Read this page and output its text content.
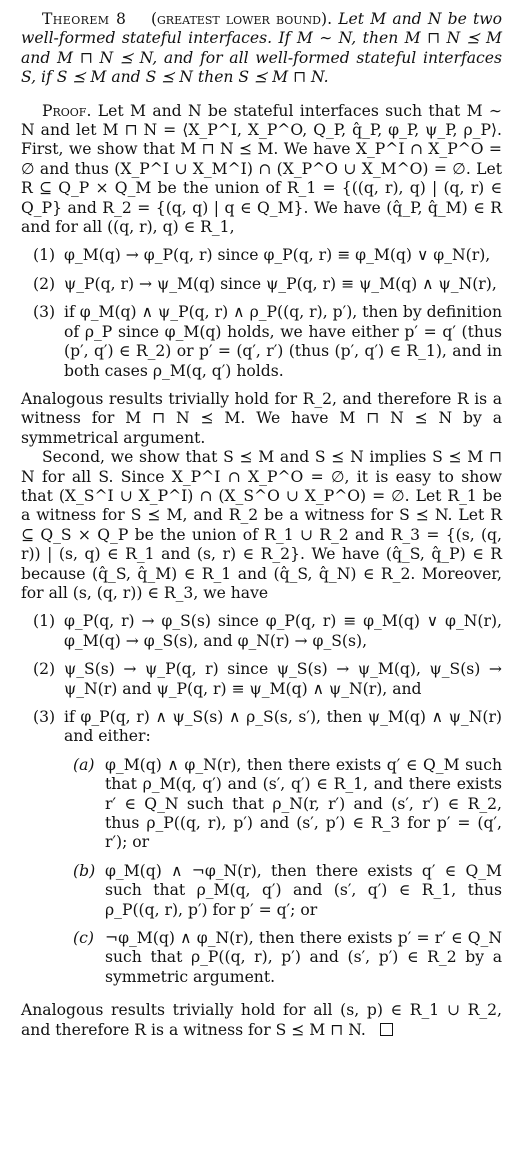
Theorem 8 (greatest lower bound). Let M and N be two well-formed stateful interfaces. If M ∼ N, then M ⊓ N ⪯ M and M ⊓ N ⪯ N, and for all well-formed stateful interfaces S, if S ⪯ M and S ⪯ N then S ⪯ M ⊓ N.

Proof. Let M and N be stateful interfaces such that M ∼ N and let M ⊓ N = ⟨X_P^I, X_P^O, Q_P, q̂_P, φ_P, ψ_P, ρ_P⟩. First, we show that M ⊓ N ⪯ M. We have X_P^I ∩ X_P^O = ∅ and thus (X_P^I ∪ X_M^I) ∩ (X_P^O ∪ X_M^O) = ∅. Let R ⊆ Q_P × Q_M be the union of R_1 = {((q, r), q) | (q, r) ∈ Q_P} and R_2 = {(q, q) | q ∈ Q_M}. We have (q̂_P, q̂_M) ∈ R and for all ((q, r), q) ∈ R_1,

(1) φ_M(q) → φ_P(q, r) since φ_P(q, r) ≡ φ_M(q) ∨ φ_N(r),

(2) ψ_P(q, r) → ψ_M(q) since ψ_P(q, r) ≡ ψ_M(q) ∧ ψ_N(r),

(3) if φ_M(q) ∧ ψ_P(q, r) ∧ ρ_P((q, r), p′), then by definition of ρ_P since φ_M(q) holds, we have either p′ = q′ (thus (p′, q′) ∈ R_2) or p′ = (q′, r′) (thus (p′, q′) ∈ R_1), and in both cases ρ_M(q, q′) holds.

Analogous results trivially hold for R_2, and therefore R is a witness for M ⊓ N ⪯ M. We have M ⊓ N ⪯ N by a symmetrical argument.

Second, we show that S ⪯ M and S ⪯ N implies S ⪯ M ⊓ N for all S. Since X_P^I ∩ X_P^O = ∅, it is easy to show that (X_S^I ∪ X_P^I) ∩ (X_S^O ∪ X_P^O) = ∅. Let R_1 be a witness for S ⪯ M, and R_2 be a witness for S ⪯ N. Let R ⊆ Q_S × Q_P be the union of R_1 ∪ R_2 and R_3 = {(s, (q, r)) | (s, q) ∈ R_1 and (s, r) ∈ R_2}. We have (q̂_S, q̂_P) ∈ R because (q̂_S, q̂_M) ∈ R_1 and (q̂_S, q̂_N) ∈ R_2. Moreover, for all (s, (q, r)) ∈ R_3, we have

(1) φ_P(q, r) → φ_S(s) since φ_P(q, r) ≡ φ_M(q) ∨ φ_N(r), φ_M(q) → φ_S(s), and φ_N(r) → φ_S(s),

(2) ψ_S(s) → ψ_P(q, r) since ψ_S(s) → ψ_M(q), ψ_S(s) → ψ_N(r) and ψ_P(q, r) ≡ ψ_M(q) ∧ ψ_N(r), and

(3) if φ_P(q, r) ∧ ψ_S(s) ∧ ρ_S(s, s′), then ψ_M(q) ∧ ψ_N(r) and either:

(a) φ_M(q) ∧ φ_N(r), then there exists q′ ∈ Q_M such that ρ_M(q, q′) and (s′, q′) ∈ R_1, and there exists r′ ∈ Q_N such that ρ_N(r, r′) and (s′, r′) ∈ R_2, thus ρ_P((q, r), p′) and (s′, p′) ∈ R_3 for p′ = (q′, r′); or

(b) φ_M(q) ∧ ¬φ_N(r), then there exists q′ ∈ Q_M such that ρ_M(q, q′) and (s′, q′) ∈ R_1, thus ρ_P((q, r), p′) for p′ = q′; or

(c) ¬φ_M(q) ∧ φ_N(r), then there exists p′ = r′ ∈ Q_N such that ρ_P((q, r), p′) and (s′, p′) ∈ R_2 by a symmetric argument.

Analogous results trivially hold for all (s, p) ∈ R_1 ∪ R_2, and therefore R is a witness for S ⪯ M ⊓ N.
